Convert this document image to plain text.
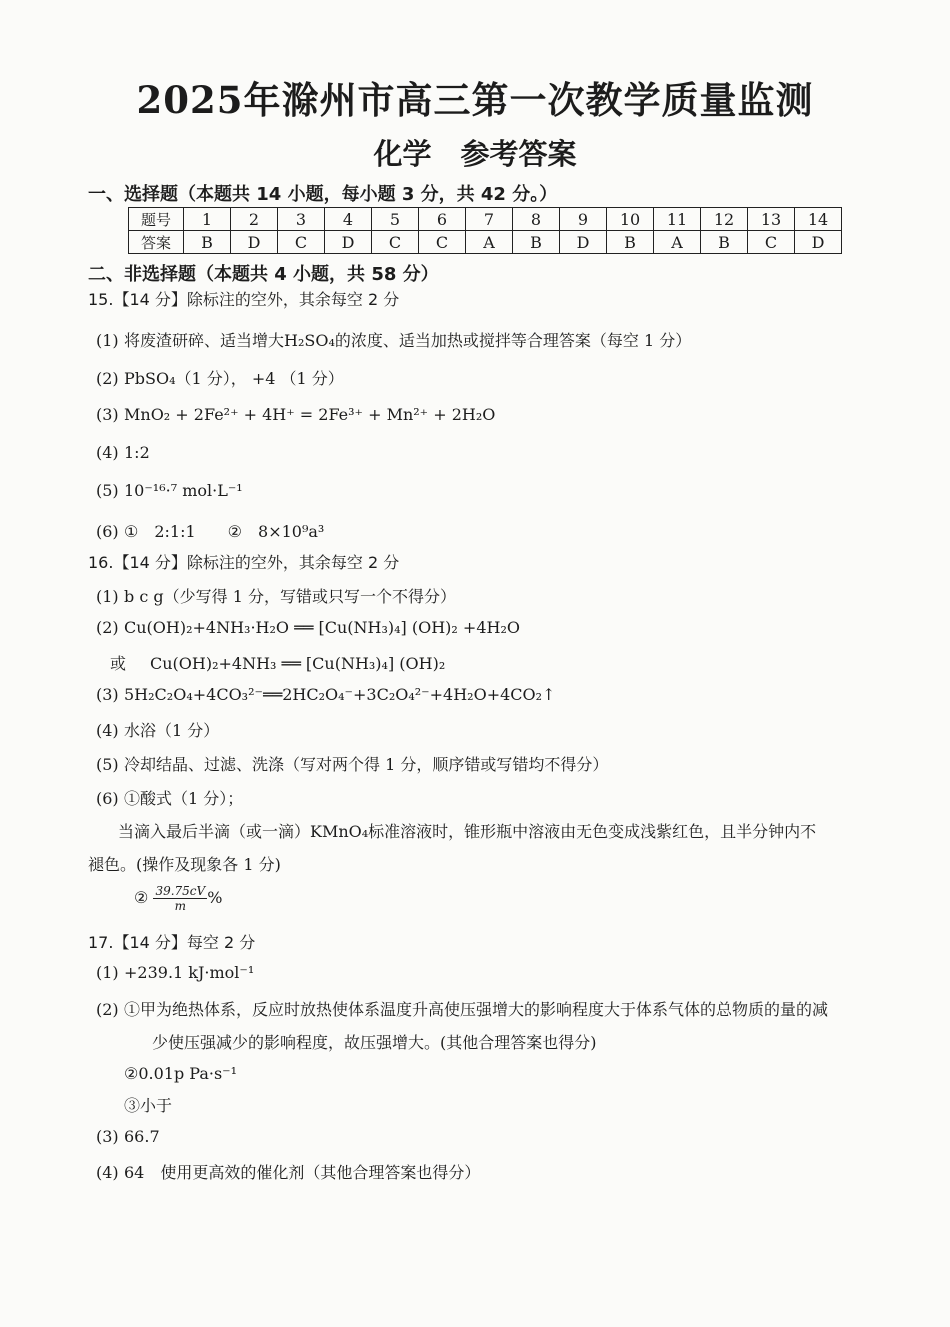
2025年滁州市高三第一次教学质量监测
化学　参考答案
一、选择题（本题共 14 小题，每小题 3 分，共 42 分。）
题号	1	2	3	4	5	6	7	8	9	10	11	12	13	14
答案	B	D	C	D	C	C	A	B	D	B	A	B	C	D
二、非选择题（本题共 4 小题，共 58 分）
15.【14 分】除标注的空外，其余每空 2 分
(1) 将废渣研碎、适当增大H₂SO₄的浓度、适当加热或搅拌等合理答案（每空 1 分）
(2) PbSO₄（1 分）， +4 （1 分）
(3) MnO₂ + 2Fe²⁺ + 4H⁺ = 2Fe³⁺ + Mn²⁺ + 2H₂O
(4) 1:2
(5) 10⁻¹⁶·⁷ mol·L⁻¹
(6) ①　2:1:1　　②　8×10⁹a³
16.【14 分】除标注的空外，其余每空 2 分
(1) b c g（少写得 1 分，写错或只写一个不得分）
(2) Cu(OH)₂+4NH₃·H₂O ══ [Cu(NH₃)₄] (OH)₂ +4H₂O
或 Cu(OH)₂+4NH₃ ══ [Cu(NH₃)₄] (OH)₂
(3) 5H₂C₂O₄+4CO₃²⁻══2HC₂O₄⁻+3C₂O₄²⁻+4H₂O+4CO₂↑
(4) 水浴（1 分）
(5) 冷却结晶、过滤、洗涤（写对两个得 1 分，顺序错或写错均不得分）
(6) ①酸式（1 分）；
当滴入最后半滴（或一滴）KMnO₄标准溶液时，锥形瓶中溶液由无色变成浅紫红色，且半分钟内不
褪色。(操作及现象各 1 分)
② $\frac{39.75cV}{m}$ %
17.【14 分】每空 2 分
(1) +239.1 kJ·mol⁻¹
(2) ①甲为绝热体系，反应时放热使体系温度升高使压强增大的影响程度大于体系气体的总物质的量的减
少使压强减少的影响程度，故压强增大。(其他合理答案也得分)
②0.01p Pa·s⁻¹
③小于
(3) 66.7
(4) 64　使用更高效的催化剂（其他合理答案也得分）
